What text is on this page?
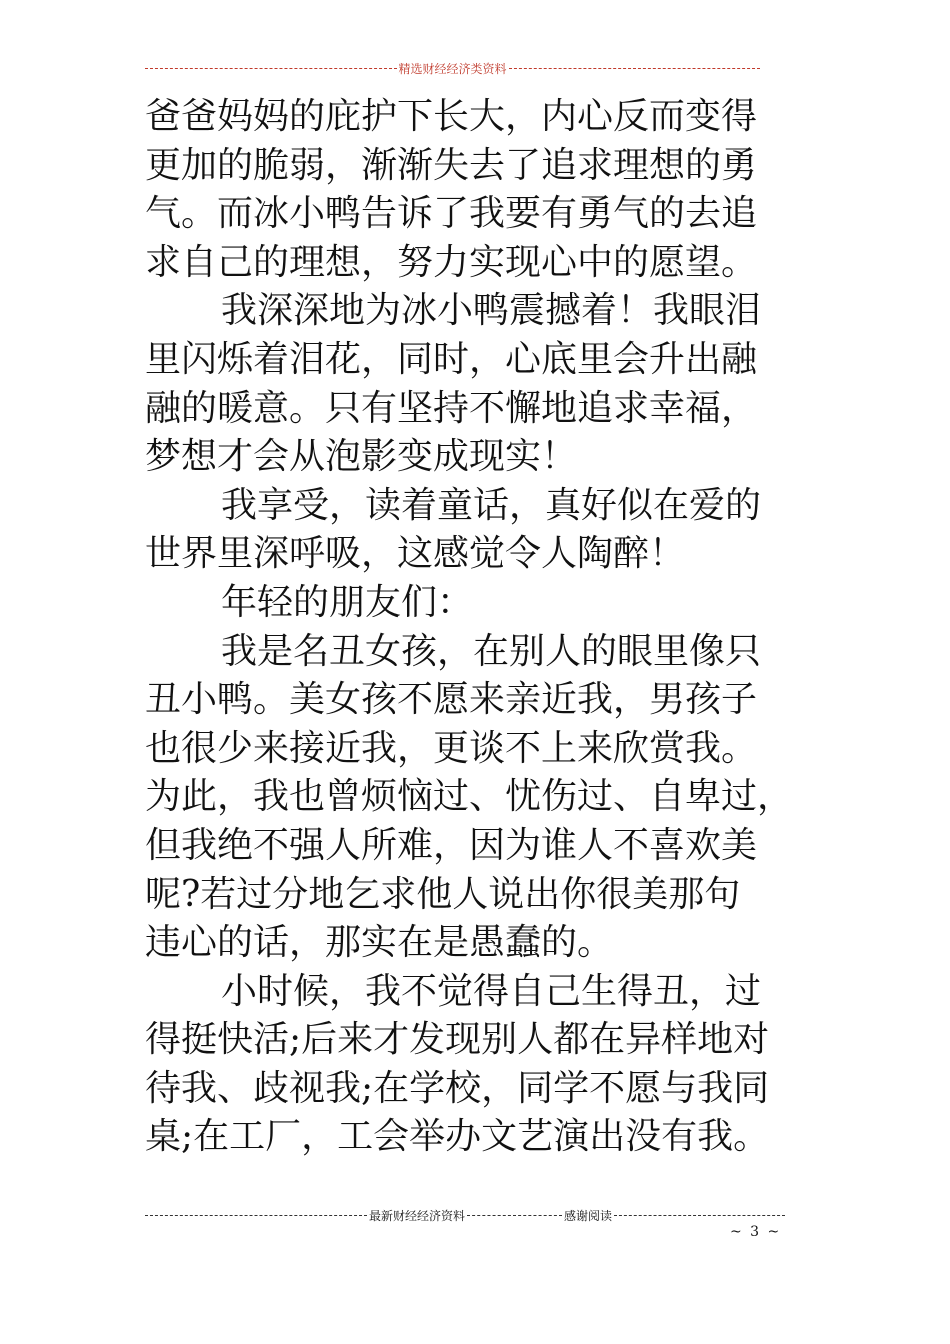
精选财经经济类资料
爸爸妈妈的庇护下长大，内心反而变得
更加的脆弱，渐渐失去了追求理想的勇
气。而冰小鸭告诉了我要有勇气的去追
求自己的理想，努力实现心中的愿望。
我深深地为冰小鸭震撼着！我眼泪
里闪烁着泪花，同时，心底里会升出融
融的暖意。只有坚持不懈地追求幸福，
梦想才会从泡影变成现实！
我享受，读着童话，真好似在爱的
世界里深呼吸，这感觉令人陶醉！
年轻的朋友们：
我是名丑女孩，在别人的眼里像只
丑小鸭。美女孩不愿来亲近我，男孩子
也很少来接近我，更谈不上来欣赏我。
为此，我也曾烦恼过、忧伤过、自卑过，
但我绝不强人所难，因为谁人不喜欢美
呢?若过分地乞求他人说出你很美那句
违心的话，那实在是愚蠢的。
小时候，我不觉得自己生得丑，过
得挺快活;后来才发现别人都在异样地对
待我、歧视我;在学校，同学不愿与我同
桌;在工厂，工会举办文艺演出没有我。
最新财经经济资料	感谢阅读
~ 3 ~
